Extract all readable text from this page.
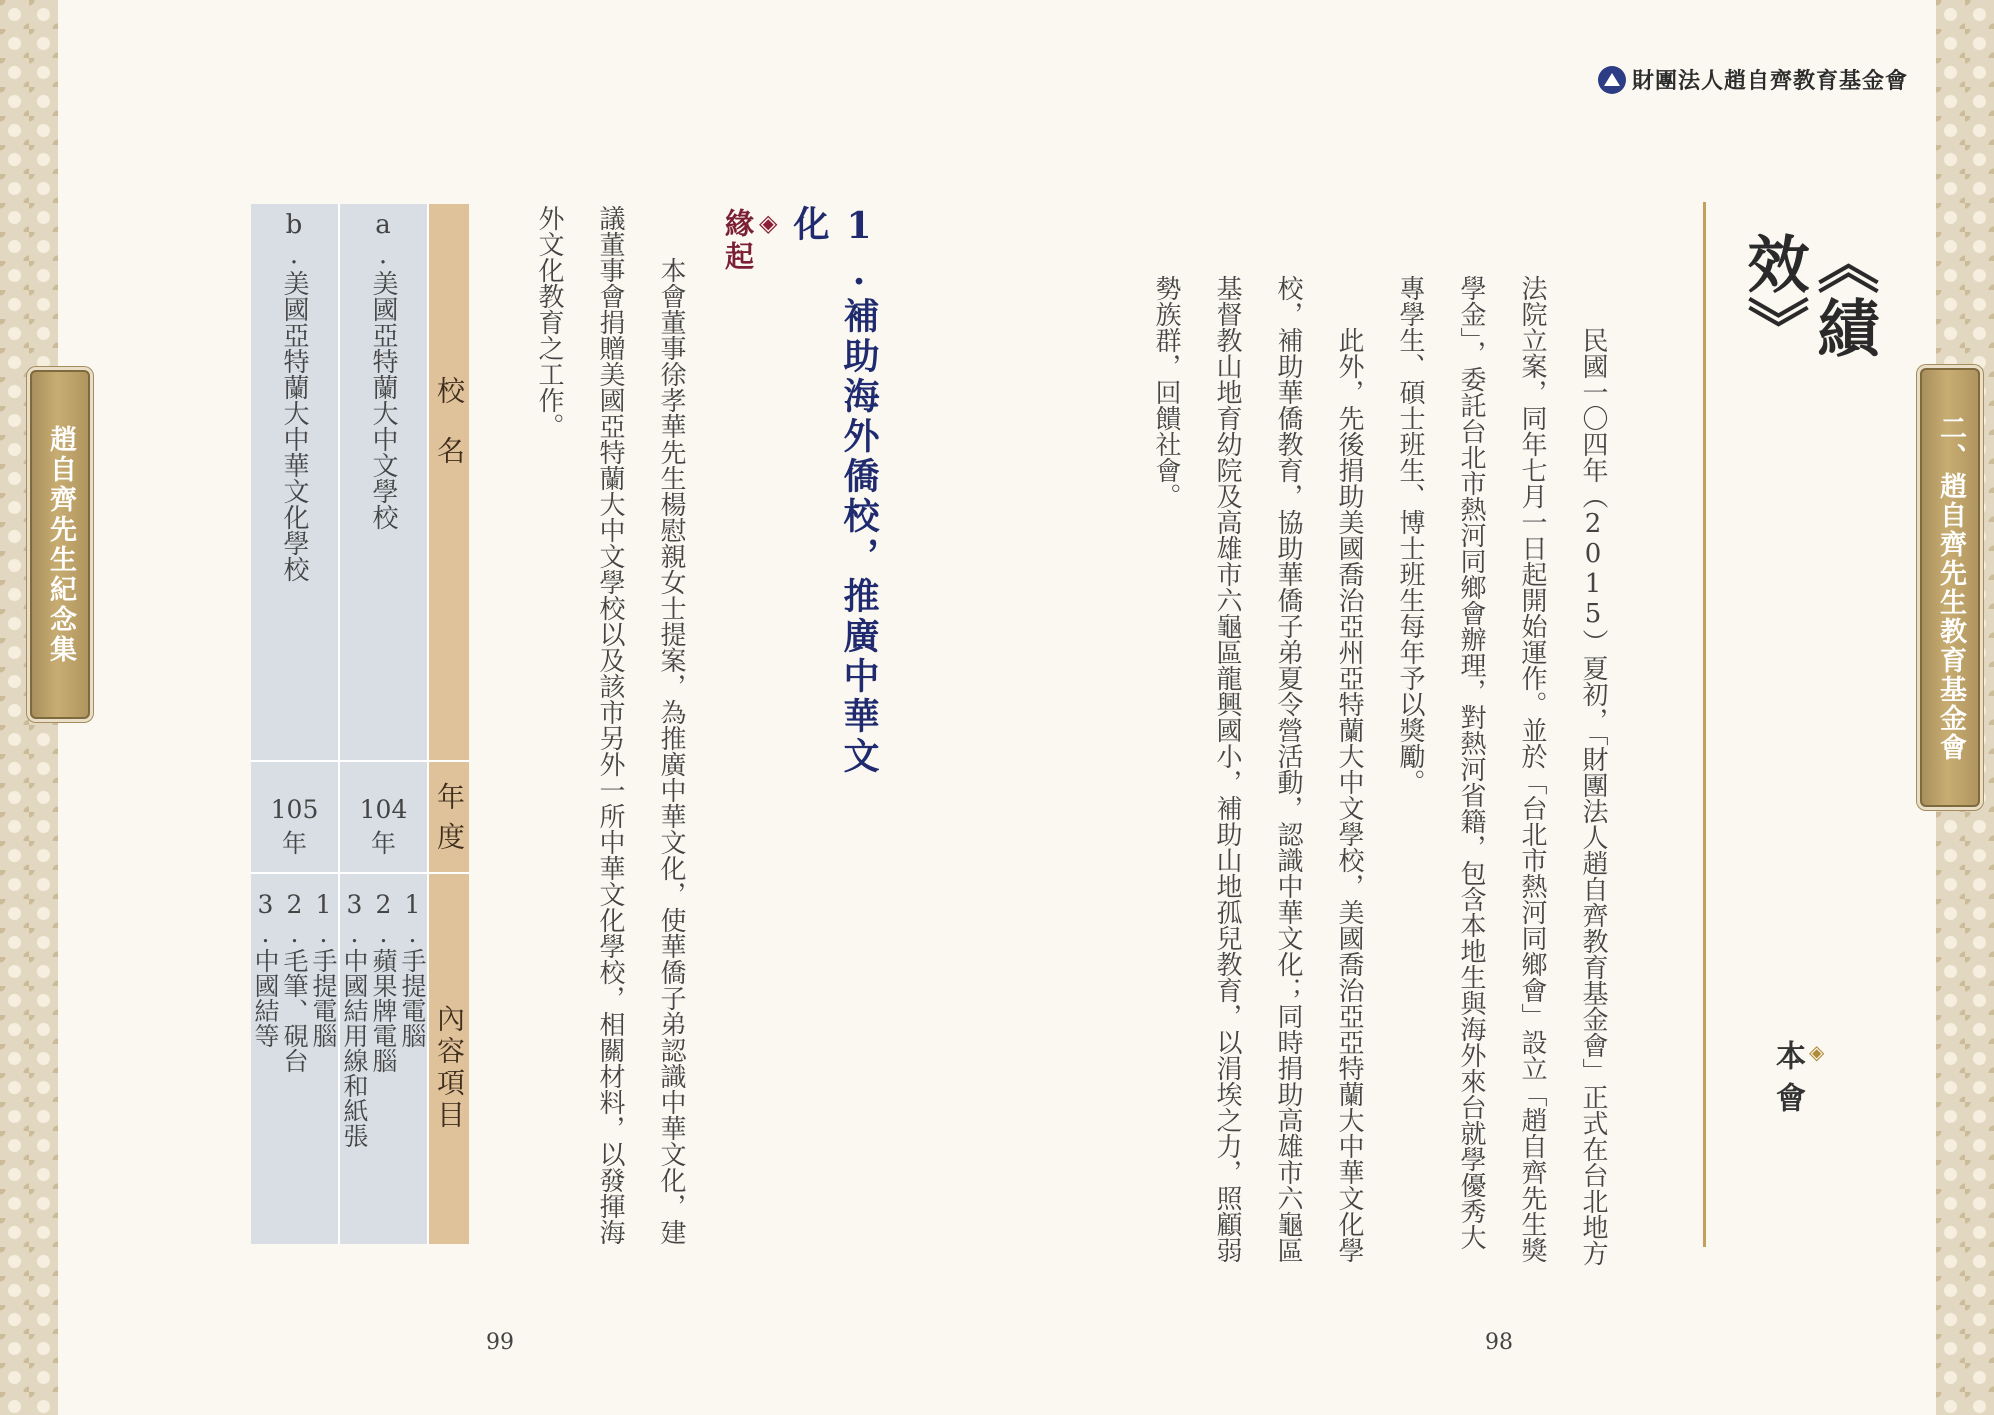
趙自齊先生紀念集	二、趙自齊先生教育基金會
財團法人趙自齊教育基金會
《績 效》
◈
本會

民國一〇四年（2015）夏初，「財團法人趙自齊教育基金會」正式在台北地方法院立案，同年七月一日起開始運作。並於「台北市熱河同鄉會」設立「趙自齊先生獎學金」，委託台北市熱河同鄉會辦理，對熱河省籍，包含本地生與海外來台就學優秀大專學生、碩士班生、博士班生每年予以獎勵。

此外，先後捐助美國喬治亞州亞特蘭大中文學校，美國喬治亞亞特蘭大中華文化學校，補助華僑教育，協助華僑子弟夏令營活動，認識中華文化；同時捐助高雄市六龜區基督教山地育幼院及高雄市六龜區龍興國小，補助山地孤兒教育，以涓埃之力，照顧弱勢族群，回饋社會。

1.補助海外僑校，推廣中華文化
◈
緣起

本會董事徐孝華先生楊慰親女士提案，為推廣中華文化，使華僑子弟認識中華文化，建議董事會捐贈美國亞特蘭大中文學校以及該市另外一所中華文化學校，相關材料，以發揮海外文化教育之工作。

校名
年度
內容項目
a.美國亞特蘭大中文學校
104
年
1.手提電腦
2.蘋果牌電腦
3.中國結用線和紙張
b.美國亞特蘭大中華文化學校
105
年
1.手提電腦
2.毛筆、硯台
3.中國結等
99	98
